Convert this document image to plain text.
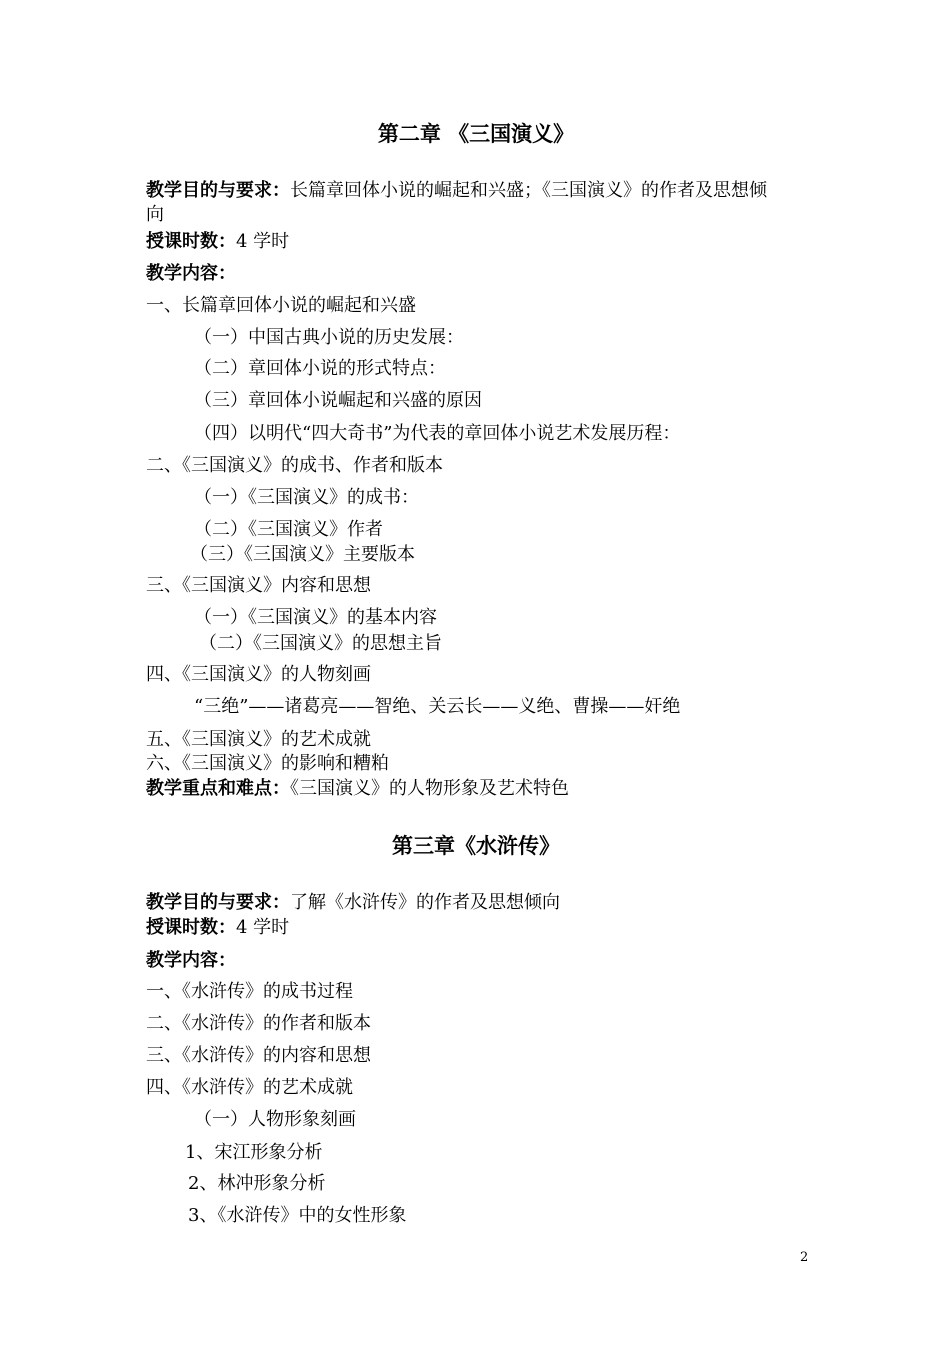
第二章 《三国演义》

教学目的与要求：长篇章回体小说的崛起和兴盛；《三国演义》的作者及思想倾

向

授课时数：4 学时

教学内容：

一、长篇章回体小说的崛起和兴盛

（一）中国古典小说的历史发展：

（二）章回体小说的形式特点：

（三）章回体小说崛起和兴盛的原因

（四）以明代“四大奇书”为代表的章回体小说艺术发展历程：

二、《三国演义》的成书、作者和版本

（一）《三国演义》的成书：

（二）《三国演义》作者

（三）《三国演义》主要版本

三、《三国演义》内容和思想

（一）《三国演义》的基本内容

（二）《三国演义》的思想主旨

四、《三国演义》的人物刻画

“三绝”——诸葛亮——智绝、关云长——义绝、曹操——奸绝

五、《三国演义》的艺术成就

六、《三国演义》的影响和糟粕

教学重点和难点：《三国演义》的人物形象及艺术特色

第三章《水浒传》

教学目的与要求：了解《水浒传》的作者及思想倾向

授课时数：4 学时

教学内容：

一、《水浒传》的成书过程

二、《水浒传》的作者和版本

三、《水浒传》的内容和思想

四、《水浒传》的艺术成就

（一）人物形象刻画

1、宋江形象分析

2、林冲形象分析

3、《水浒传》中的女性形象

2
